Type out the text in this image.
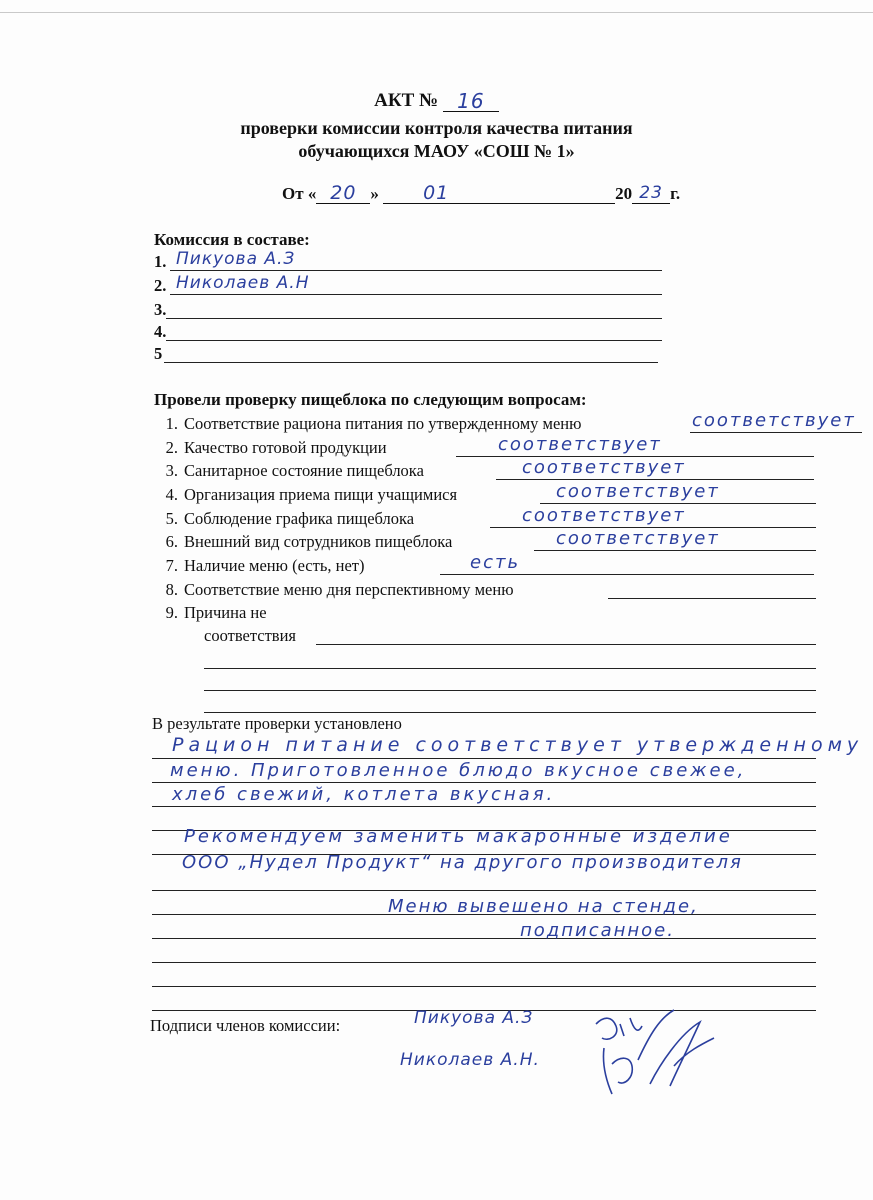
АКТ № 16
проверки комиссии контроля качества питания
обучающихся МАОУ «СОШ № 1»
От « 20 » 01	20 23 г.
Комиссия в составе:
1. Пикуова А.З
2. Николаев А.Н
3.
4.
5
Провели проверку пищеблока по следующим вопросам:
1. Соответствие рациона питания по утвержденному меню	соответствует
2. Качество готовой продукции	соответствует
3. Санитарное состояние пищеблока	соответствует
4. Организация приема пищи учащимися	соответствует
5. Соблюдение графика пищеблока	соответствует
6. Внешний вид сотрудников пищеблока	соответствует
7. Наличие меню (есть, нет)	есть
8. Соответствие меню дня перспективному меню
9. Причина не
соответствия
В результате проверки установлено
Рацион питание соответствует утвержденному
меню. Приготовленное блюдо вкусное свежее,
хлеб свежий, котлета вкусная.
Рекомендуем заменить макаронные изделие
ООО „Нудел Продукт“ на другого производителя
Меню вывешено на стенде,
подписанное.
Подписи членов комиссии:	Пикуова А.З
Николаев А.Н.
